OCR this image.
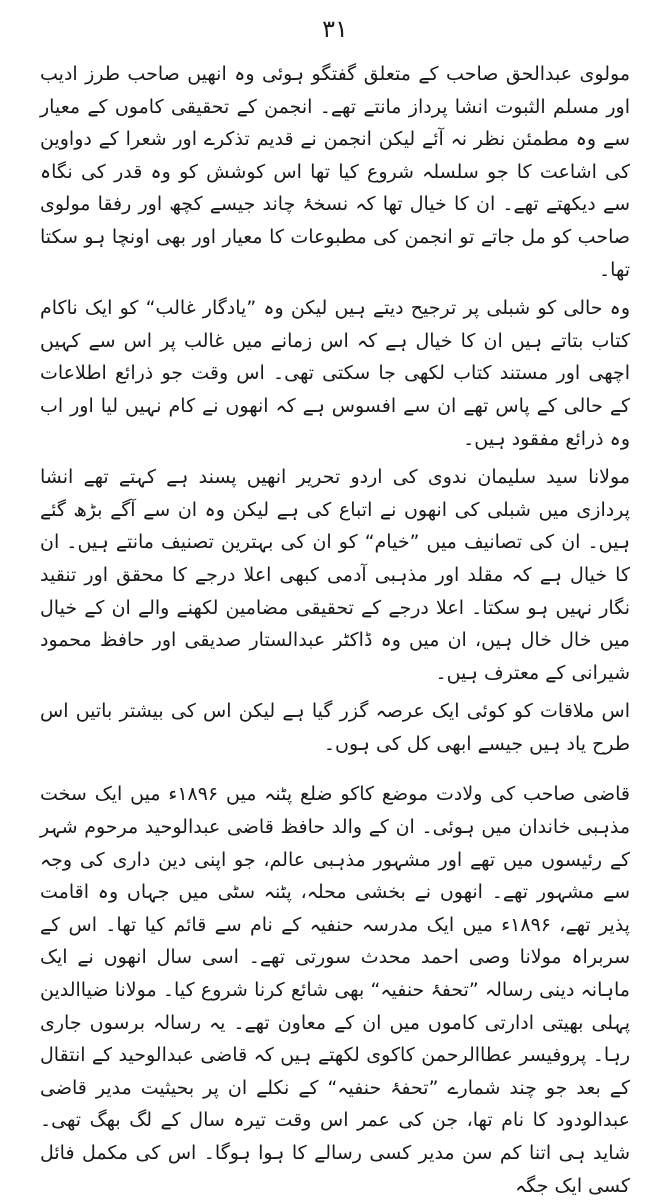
۳۱

مولوی عبدالحق صاحب کے متعلق گفتگو ہوئی وہ انھیں صاحب طرز ادیب اور مسلم الثبوت انشا پرداز مانتے تھے۔ انجمن کے تحقیقی کاموں کے معیار سے وہ مطمئن نظر نہ آئے لیکن انجمن نے قدیم تذکرے اور شعرا کے دواوین کی اشاعت کا جو سلسلہ شروع کیا تھا اس کوشش کو وہ قدر کی نگاہ سے دیکھتے تھے۔ ان کا خیال تھا کہ نسخۂ چاند جیسے کچھ اور رفقا مولوی صاحب کو مل جاتے تو انجمن کی مطبوعات کا معیار اور بھی اونچا ہو سکتا تھا۔

وہ حالی کو شبلی پر ترجیح دیتے ہیں لیکن وہ ”یادگار غالب“ کو ایک ناکام کتاب بتاتے ہیں ان کا خیال ہے کہ اس زمانے میں غالب پر اس سے کہیں اچھی اور مستند کتاب لکھی جا سکتی تھی۔ اس وقت جو ذرائع اطلاعات کے حالی کے پاس تھے ان سے افسوس ہے کہ انھوں نے کام نہیں لیا اور اب وہ ذرائع مفقود ہیں۔

مولانا سید سلیمان ندوی کی اردو تحریر انھیں پسند ہے کہتے تھے انشا پردازی میں شبلی کی انھوں نے اتباع کی ہے لیکن وہ ان سے آگے بڑھ گئے ہیں۔ ان کی تصانیف میں ”خیام“ کو ان کی بہترین تصنیف مانتے ہیں۔ ان کا خیال ہے کہ مقلد اور مذہبی آدمی کبھی اعلا درجے کا محقق اور تنقید نگار نہیں ہو سکتا۔ اعلا درجے کے تحقیقی مضامین لکھنے والے ان کے خیال میں خال خال ہیں، ان میں وہ ڈاکٹر عبدالستار صدیقی اور حافظ محمود شیرانی کے معترف ہیں۔

اس ملاقات کو کوئی ایک عرصہ گزر گیا ہے لیکن اس کی بیشتر باتیں اس طرح یاد ہیں جیسے ابھی کل کی ہوں۔

قاضی صاحب کی ولادت موضع کاکو ضلع پٹنہ میں ۱۸۹۶ء میں ایک سخت مذہبی خاندان میں ہوئی۔ ان کے والد حافظ قاضی عبدالوحید مرحوم شہر کے رئیسوں میں تھے اور مشہور مذہبی عالم، جو اپنی دین داری کی وجہ سے مشہور تھے۔ انھوں نے بخشی محلہ، پٹنہ سٹی میں جہاں وہ اقامت پذیر تھے، ۱۸۹۶ء میں ایک مدرسہ حنفیہ کے نام سے قائم کیا تھا۔ اس کے سربراہ مولانا وصی احمد محدث سورتی تھے۔ اسی سال انھوں نے ایک ماہانہ دینی رسالہ ”تحفۂ حنفیہ“ بھی شائع کرنا شروع کیا۔ مولانا ضیاالدین پہلی بھیتی ادارتی کاموں میں ان کے معاون تھے۔ یہ رسالہ برسوں جاری رہا۔ پروفیسر عطاالرحمن کاکوی لکھتے ہیں کہ قاضی عبدالوحید کے انتقال کے بعد جو چند شمارے ”تحفۂ حنفیہ“ کے نکلے ان پر بحیثیت مدیر قاضی عبدالودود کا نام تھا، جن کی عمر اس وقت تیرہ سال کے لگ بھگ تھی۔ شاید ہی اتنا کم سن مدیر کسی رسالے کا ہوا ہوگا۔ اس کی مکمل فائل کسی ایک جگہ
